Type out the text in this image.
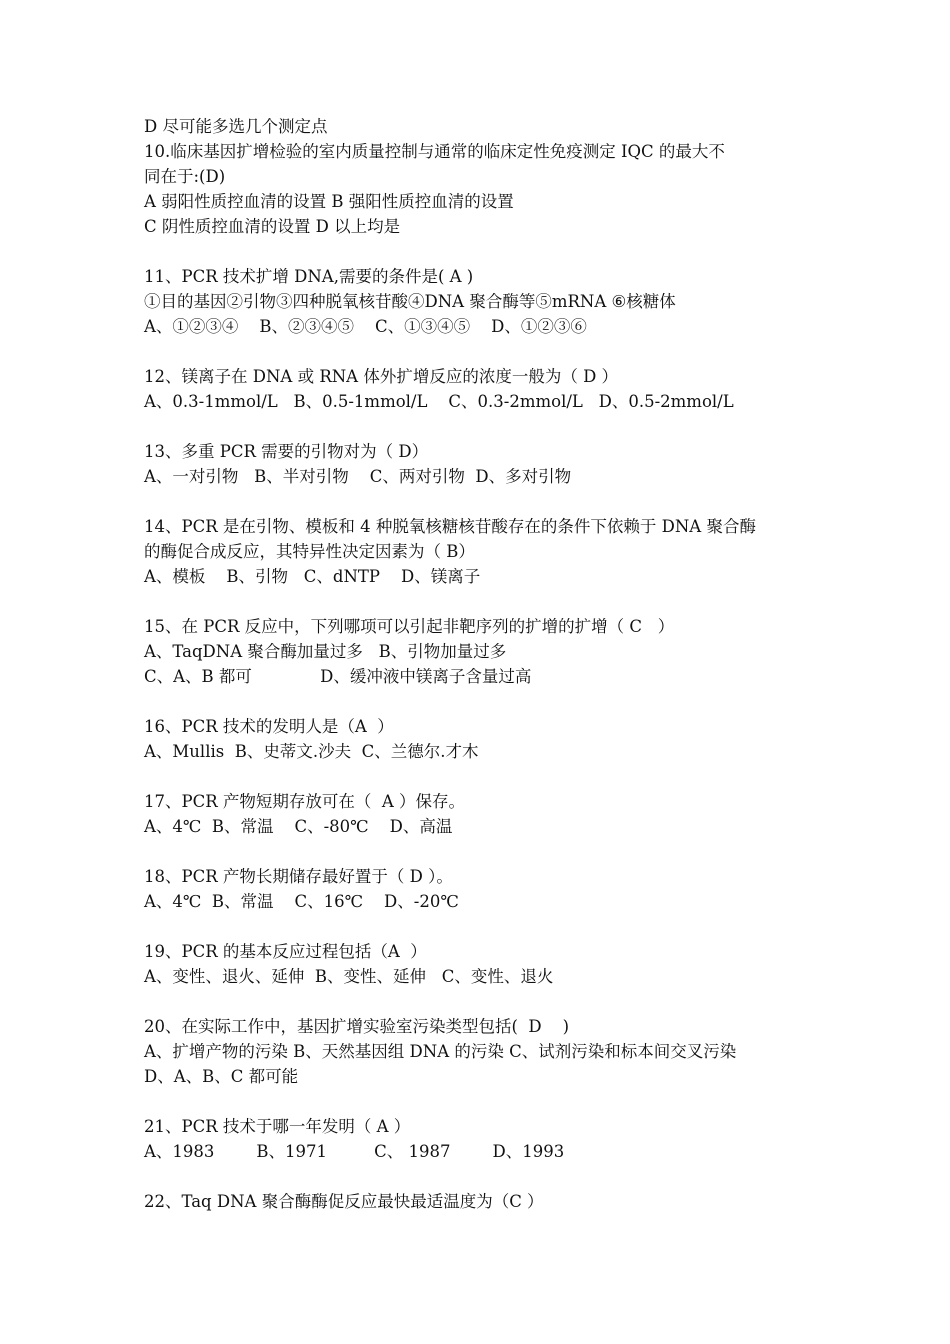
D 尽可能多选几个测定点
10.临床基因扩增检验的室内质量控制与通常的临床定性免疫测定 IQC 的最大不
同在于:(D)
A 弱阳性质控血清的设置 B 强阳性质控血清的设置
C 阴性质控血清的设置 D 以上均是
11、PCR 技术扩增 DNA,需要的条件是( A )
①目的基因②引物③四种脱氧核苷酸④DNA 聚合酶等⑤mRNA ⑥核糖体
A、①②③④    B、②③④⑤    C、①③④⑤    D、①②③⑥
12、镁离子在 DNA 或 RNA 体外扩增反应的浓度一般为（ D ）
A、0.3-1mmol/L   B、0.5-1mmol/L    C、0.3-2mmol/L   D、0.5-2mmol/L
13、多重 PCR 需要的引物对为（ D）
A、一对引物   B、半对引物    C、两对引物  D、多对引物
14、PCR 是在引物、模板和 4 种脱氧核糖核苷酸存在的条件下依赖于 DNA 聚合酶
的酶促合成反应，其特异性决定因素为（ B）
A、模板    B、引物   C、dNTP    D、镁离子
15、在 PCR 反应中，下列哪项可以引起非靶序列的扩增的扩增（ C   ）
A、TaqDNA 聚合酶加量过多   B、引物加量过多
C、A、B 都可             D、缓冲液中镁离子含量过高
16、PCR 技术的发明人是（A  ）
A、Mullis  B、史蒂文.沙夫  C、兰德尔.才木
17、PCR 产物短期存放可在（  A ）保存。
A、4℃  B、常温    C、-80℃    D、高温
18、PCR 产物长期储存最好置于（ D ）。
A、4℃  B、常温    C、16℃    D、-20℃
19、PCR 的基本反应过程包括（A  ）
A、变性、退火、延伸  B、变性、延伸   C、变性、退火
20、在实际工作中，基因扩增实验室污染类型包括(  D    )
A、扩增产物的污染 B、天然基因组 DNA 的污染 C、试剂污染和标本间交叉污染
D、A、B、C 都可能
21、PCR 技术于哪一年发明（ A ）
A、1983        B、1971         C、 1987        D、1993
22、Taq DNA 聚合酶酶促反应最快最适温度为（C ）
